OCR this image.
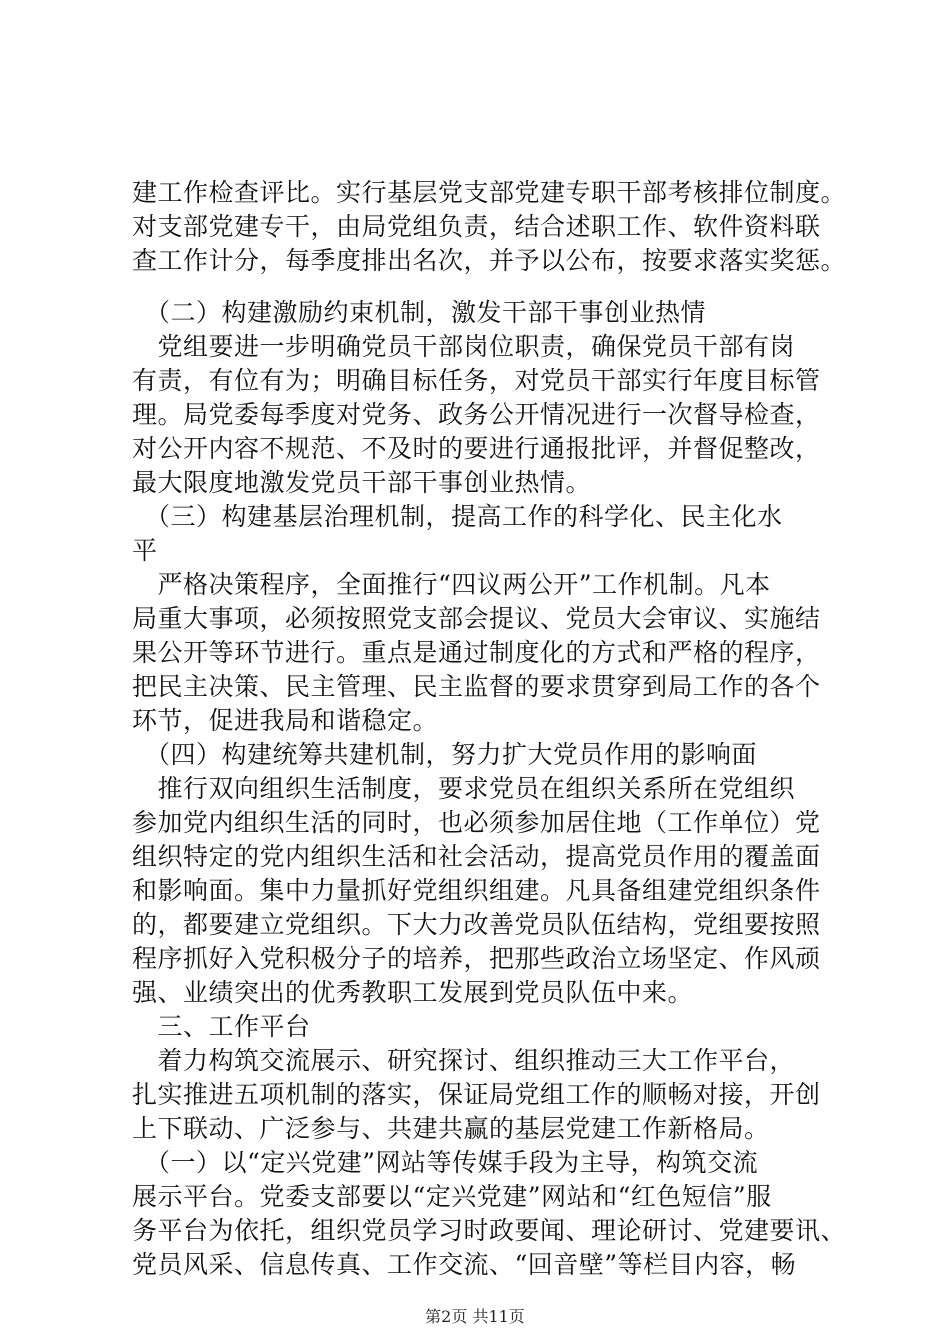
建工作检查评比。实行基层党支部党建专职干部考核排位制度。
对支部党建专干，由局党组负责，结合述职工作、软件资料联
查工作计分，每季度排出名次，并予以公布，按要求落实奖惩。
　（二）构建激励约束机制，激发干部干事创业热情
　党组要进一步明确党员干部岗位职责，确保党员干部有岗
有责，有位有为；明确目标任务，对党员干部实行年度目标管
理。局党委每季度对党务、政务公开情况进行一次督导检查，
对公开内容不规范、不及时的要进行通报批评，并督促整改，
最大限度地激发党员干部干事创业热情。
　（三）构建基层治理机制，提高工作的科学化、民主化水
平
　严格决策程序，全面推行“四议两公开”工作机制。凡本
局重大事项，必须按照党支部会提议、党员大会审议、实施结
果公开等环节进行。重点是通过制度化的方式和严格的程序，
把民主决策、民主管理、民主监督的要求贯穿到局工作的各个
环节，促进我局和谐稳定。
　（四）构建统筹共建机制，努力扩大党员作用的影响面
　推行双向组织生活制度，要求党员在组织关系所在党组织
参加党内组织生活的同时，也必须参加居住地（工作单位）党
组织特定的党内组织生活和社会活动，提高党员作用的覆盖面
和影响面。集中力量抓好党组织组建。凡具备组建党组织条件
的，都要建立党组织。下大力改善党员队伍结构，党组要按照
程序抓好入党积极分子的培养，把那些政治立场坚定、作风顽
强、业绩突出的优秀教职工发展到党员队伍中来。
　三、工作平台
　着力构筑交流展示、研究探讨、组织推动三大工作平台，
扎实推进五项机制的落实，保证局党组工作的顺畅对接，开创
上下联动、广泛参与、共建共赢的基层党建工作新格局。
　（一）以“定兴党建”网站等传媒手段为主导，构筑交流
展示平台。党委支部要以“定兴党建”网站和“红色短信”服
务平台为依托，组织党员学习时政要闻、理论研讨、党建要讯、
党员风采、信息传真、工作交流、“回音壁”等栏目内容，畅
第2页 共11页
